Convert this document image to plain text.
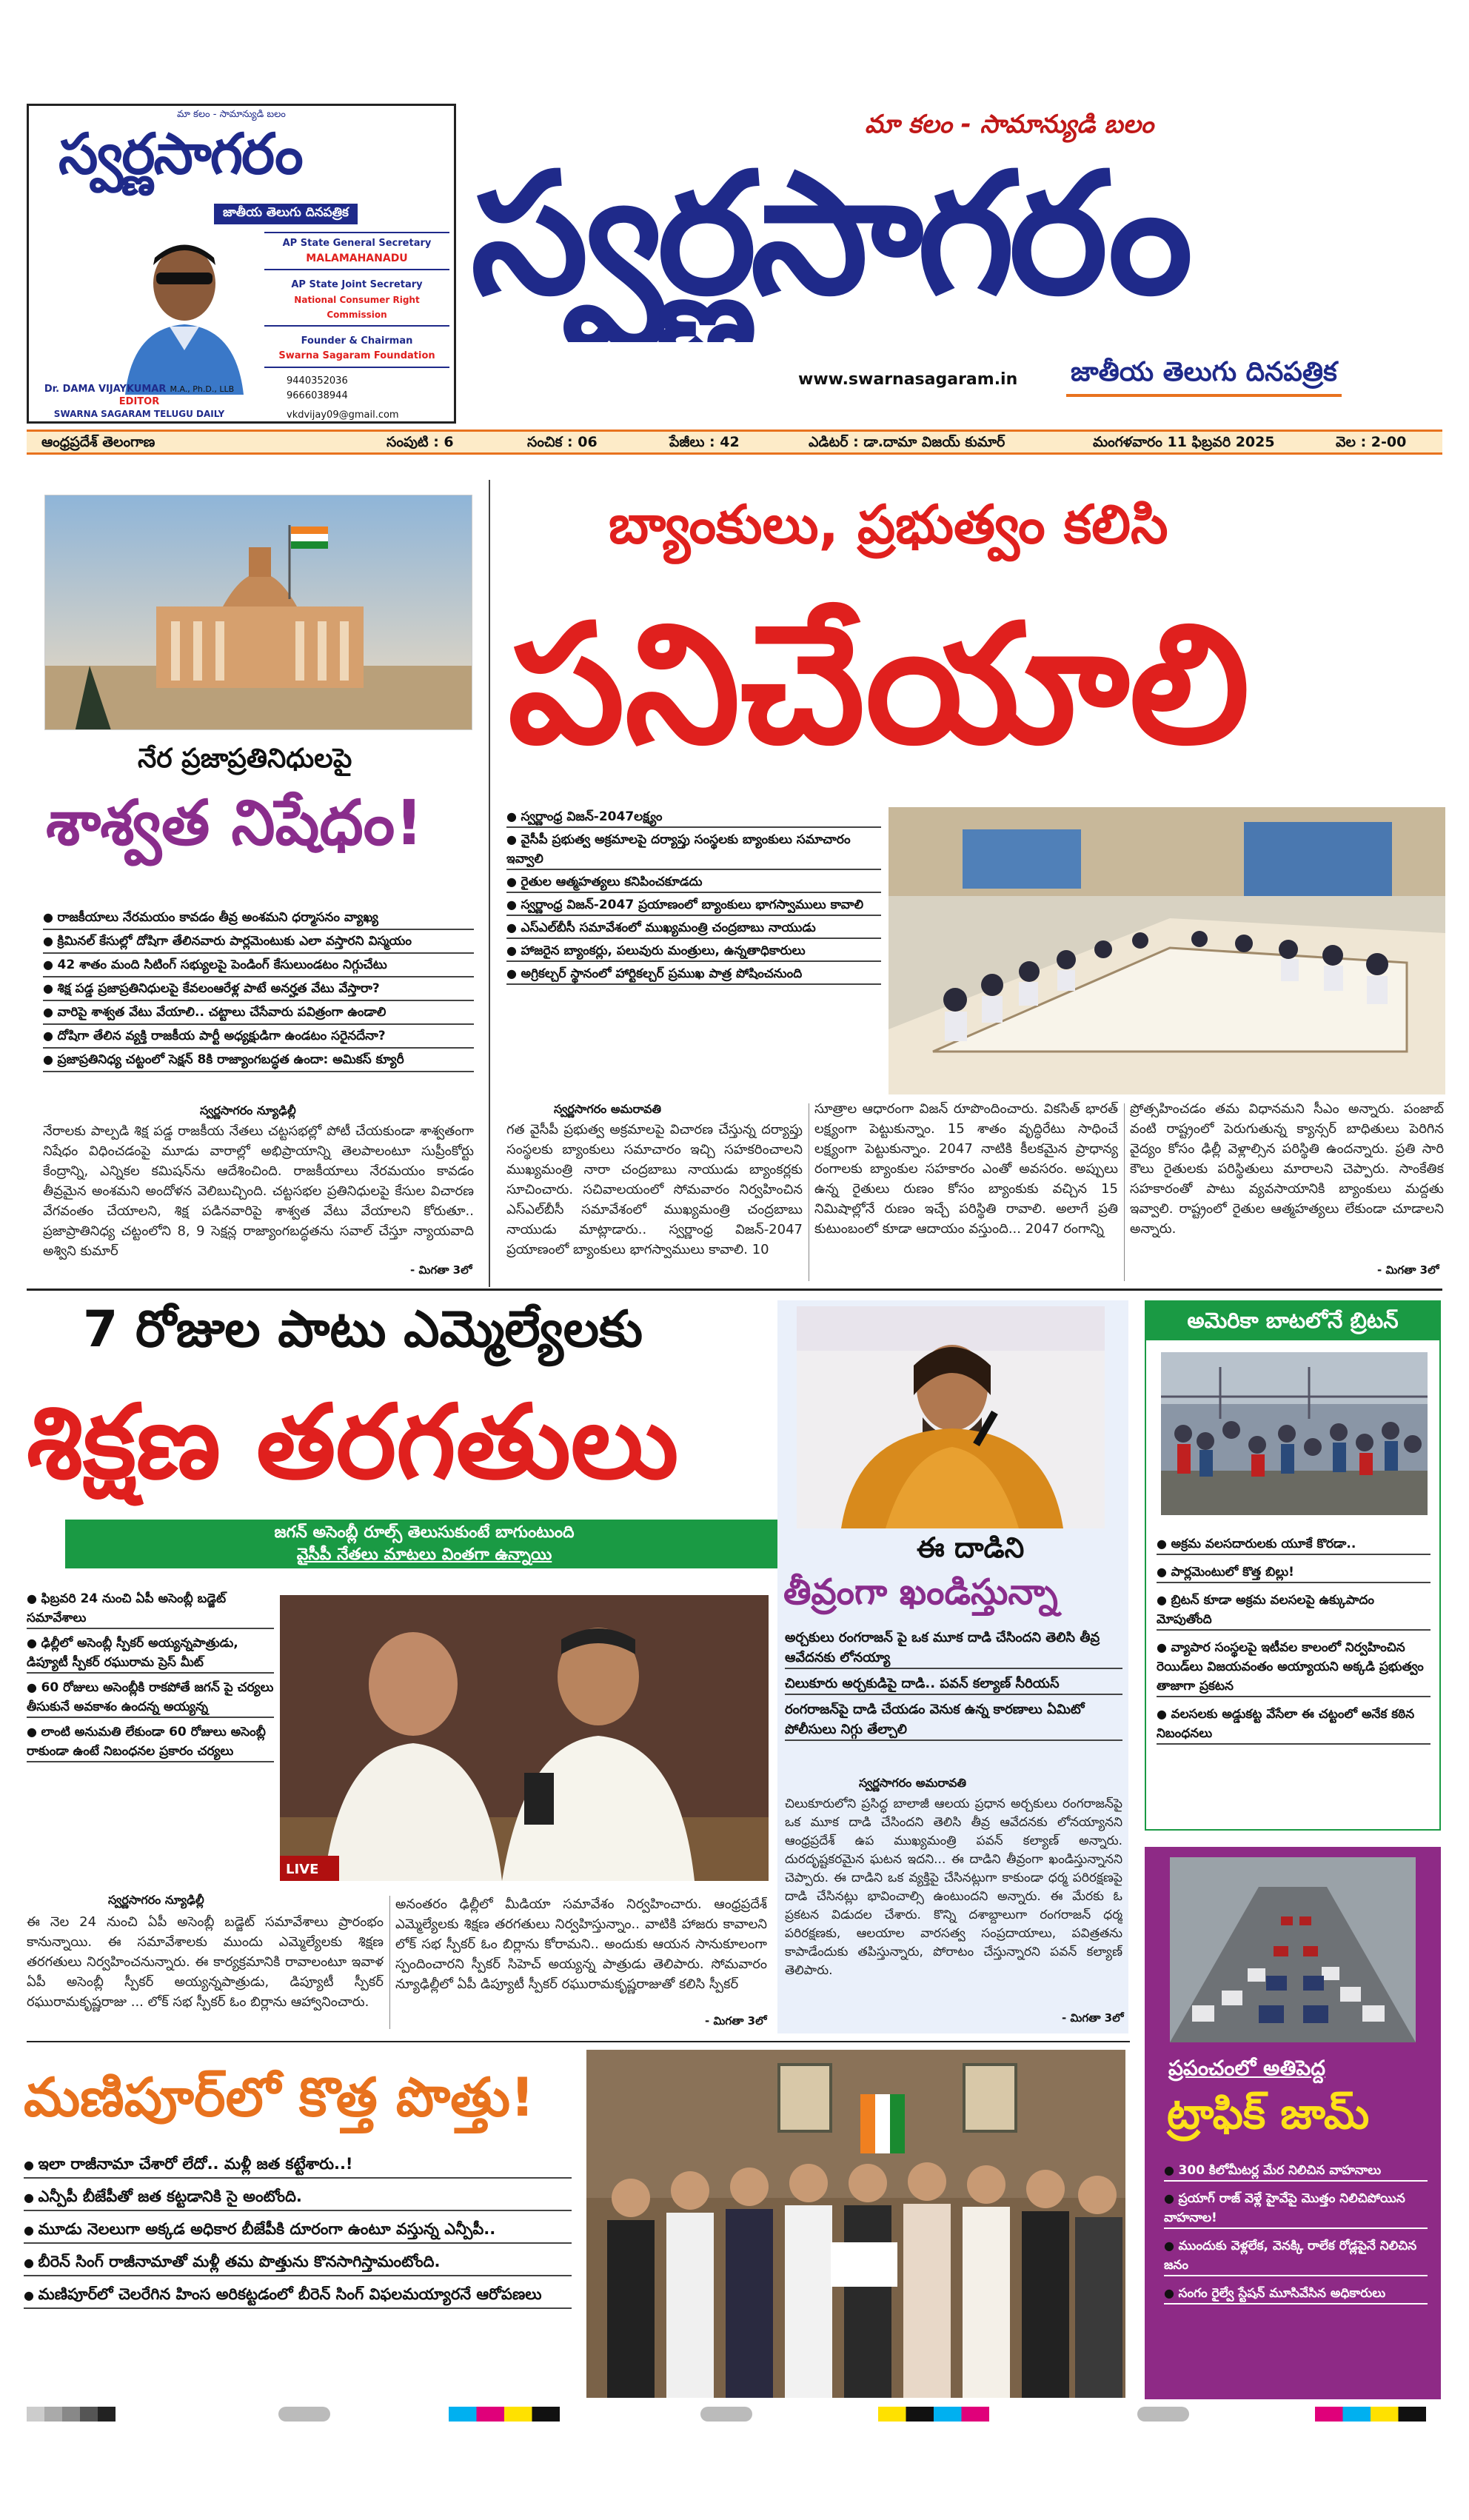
మా కలం - సామాన్యుడి బలం
స్వర్ణసాగరం
జాతీయ తెలుగు దినపత్రిక
Dr. DAMA VIJAYKUMAR M.A., Ph.D., LLB
EDITOR
SWARNA SAGARAM TELUGU DAILY
AP State General Secretary
MALAMAHANADU
AP State Joint Secretary
National Consumer Right Commission
Founder & Chairman
Swarna Sagaram Foundation
9440352036
9666038944
vkdvijay09@gmail.com
మా కలం - సామాన్యుడి బలం
స్వర్ణసాగరం
www.swarnasagaram.in జాతీయ తెలుగు దినపత్రిక
ఆంధ్రప్రదేశ్ తెలంగాణ	సంపుటి : 6	సంచిక : 06	పేజీలు : 42	ఎడిటర్ : డా.దామా విజయ్ కుమార్	మంగళవారం 11 ఫిబ్రవరి 2025	వెల : 2-00
నేర ప్రజాప్రతినిధులపై
శాశ్వత నిషేధం!
● రాజకీయాలు నేరమయం కావడం తీవ్ర అంశమని ధర్మాసనం వ్యాఖ్య
● క్రిమినల్ కేసుల్లో దోషిగా తేలినవారు పార్లమెంటుకు ఎలా వస్తారని విస్మయం
● 42 శాతం మంది సిటింగ్ సభ్యులపై పెండింగ్ కేసులుండటం నిగ్గుచేటు
● శిక్ష పడ్డ ప్రజాప్రతినిధులపై కేవలంఆరేళ్ల పాటే అనర్హత వేటు వేస్తారా?
● వారిపై శాశ్వత వేటు వేయాలి.. చట్టాలు చేసేవారు పవిత్రంగా ఉండాలి
● దోషిగా తేలిన వ్యక్తి రాజకీయ పార్టీ అధ్యక్షుడిగా ఉండటం సరైనదేనా?
● ప్రజాప్రతినిధ్య చట్టంలో సెక్షన్ 8కి రాజ్యాంగబద్ధత ఉందా: అమికస్ క్యూరీ
స్వర్ణసాగరం న్యూఢిల్లీ
నేరాలకు పాల్పడి శిక్ష పడ్డ రాజకీయ నేతలు చట్టసభల్లో పోటీ చేయకుండా శాశ్వతంగా నిషేధం విధించడంపై మూడు వారాల్లో అభిప్రాయాన్ని తెలపాలంటూ సుప్రీంకోర్టు కేంద్రాన్ని, ఎన్నికల కమిషన్‌ను ఆదేశించింది. రాజకీయాలు నేరమయం కావడం తీవ్రమైన అంశమని అందోళన వెలిబుచ్చింది. చట్టసభల ప్రతినిధులపై కేసుల విచారణ వేగవంతం చేయాలని, శిక్ష పడినవారిపై శాశ్వత వేటు వేయాలని కోరుతూ.. ప్రజాప్రాతినిధ్య చట్టంలోని 8, 9 సెక్షన్ల రాజ్యాంగబద్ధతను సవాల్ చేస్తూ న్యాయవాది అశ్విని కుమార్
- మిగతా 3లో
బ్యాంకులు, ప్రభుత్వం కలిసి
పనిచేయాలి
● స్వర్ణాంధ్ర విజన్-2047లక్ష్యం
● వైసీపీ ప్రభుత్వ అక్రమాలపై దర్యాప్తు సంస్థలకు బ్యాంకులు సమాచారం ఇవ్వాలి
● రైతుల ఆత్మహత్యలు కనిపించకూడదు
● స్వర్ణాంధ్ర విజన్-2047 ప్రయాణంలో బ్యాంకులు భాగస్వాములు కావాలి
● ఎస్‌ఎల్‌బీసీ సమావేశంలో ముఖ్యమంత్రి చంద్రబాబు నాయుడు
● హాజరైన బ్యాంకర్లు, పలువురు మంత్రులు, ఉన్నతాధికారులు
● అగ్రికల్చర్ స్థానంలో హార్టికల్చర్ ప్రముఖ పాత్ర పోషించనుంది
స్వర్ణసాగరం అమరావతి
గత వైసీపీ ప్రభుత్వ అక్రమాలపై విచారణ చేస్తున్న దర్యాప్తు సంస్థలకు బ్యాంకులు సమాచారం ఇచ్చి సహకరించాలని ముఖ్యమంత్రి నారా చంద్రబాబు నాయుడు బ్యాంకర్లకు సూచించారు. సచివాలయంలో సోమవారం నిర్వహించిన ఎస్‌ఎల్‌బీసీ సమావేశంలో ముఖ్యమంత్రి చంద్రబాబు నాయుడు మాట్లాడారు.. స్వర్ణాంధ్ర విజన్-2047 ప్రయాణంలో బ్యాంకులు భాగస్వాములు కావాలి. 10
సూత్రాల ఆధారంగా విజన్ రూపొందించారు. వికసిత్ భారత్ లక్ష్యంగా పెట్టుకున్నాం. 15 శాతం వృద్ధిరేటు సాధించే లక్ష్యంగా పెట్టుకున్నాం. 2047 నాటికి కీలకమైన ప్రాధాన్య రంగాలకు బ్యాంకుల సహకారం ఎంతో అవసరం. అప్పులు ఉన్న రైతులు రుణం కోసం బ్యాంకుకు వచ్చిన 15 నిమిషాల్లోనే రుణం ఇచ్చే పరిస్థితి రావాలి. అలాగే ప్రతి కుటుంబంలో కూడా ఆదాయం వస్తుంది... 2047 రంగాన్ని
ప్రోత్సహించడం తమ విధానమని సీఎం అన్నారు. పంజాబ్ వంటి రాష్ట్రంలో పెరుగుతున్న క్యాన్సర్ బాధితులు పెరిగిన వైద్యం కోసం ఢిల్లీ వెళ్లాల్సిన పరిస్థితి ఉందన్నారు. ప్రతి సారి కౌలు రైతులకు పరిస్థితులు మారాలని చెప్పారు. సాంకేతిక సహకారంతో పాటు వ్యవసాయానికి బ్యాంకులు మద్దతు ఇవ్వాలి. రాష్ట్రంలో రైతుల ఆత్మహత్యలు లేకుండా చూడాలని అన్నారు.
- మిగతా 3లో
7 రోజుల పాటు ఎమ్మెల్యేలకు
శిక్షణ తరగతులు
జగన్ అసెంబ్లీ రూల్స్ తెలుసుకుంటే బాగుంటుంది
వైసీపీ నేతలు మాటలు వింతగా ఉన్నాయి
● ఫిబ్రవరి 24 నుంచి ఏపీ అసెంబ్లీ బడ్జెట్ సమావేశాలు
● ఢిల్లీలో అసెంబ్లీ స్పీకర్ అయ్యన్నపాత్రుడు, డిప్యూటీ స్పీకర్ రఘురామ ప్రెస్ మీట్
● 60 రోజులు అసెంబ్లీకి రాకపోతే జగన్ పై చర్యలు తీసుకునే అవకాశం ఉందన్న అయ్యన్న
● లాంటి అనుమతి లేకుండా 60 రోజులు అసెంబ్లీ రాకుండా ఉంటే నిబంధనల ప్రకారం చర్యలు
LIVE
స్వర్ణసాగరం న్యూఢిల్లీ
ఈ నెల 24 నుంచి ఏపీ అసెంబ్లీ బడ్జెట్ సమావేశాలు ప్రారంభం కానున్నాయి. ఈ సమావేశాలకు ముందు ఎమ్మెల్యేలకు శిక్షణ తరగతులు నిర్వహించనున్నారు. ఈ కార్యక్రమానికి రావాలంటూ ఇవాళ ఏపీ అసెంబ్లీ స్పీకర్ అయ్యన్నపాత్రుడు, డిప్యూటీ స్పీకర్ రఘురామకృష్ణరాజు ... లోక్ సభ స్పీకర్ ఓం బిర్లాను ఆహ్వానించారు.
అనంతరం ఢిల్లీలో మీడియా సమావేశం నిర్వహించారు. ఆంధ్రప్రదేశ్ ఎమ్మెల్యేలకు శిక్షణ తరగతులు నిర్వహిస్తున్నాం.. వాటికి హాజరు కావాలని లోక్ సభ స్పీకర్ ఓం బిర్లాను కోరామని.. అందుకు ఆయన సానుకూలంగా స్పందించారని స్పీకర్ సిహెచ్ అయ్యన్న పాత్రుడు తెలిపారు. సోమవారం న్యూఢిల్లీలో ఏపీ డిప్యూటీ స్పీకర్ రఘురామకృష్ణరాజుతో కలిసి స్పీకర్
- మిగతా 3లో
ఈ దాడిని
తీవ్రంగా ఖండిస్తున్నా
అర్చకులు రంగరాజన్ పై ఒక మూక దాడి చేసిందని తెలిసి తీవ్ర ఆవేదనకు లోనయ్యా
చిలుకూరు అర్చకుడిపై దాడి.. పవన్ కల్యాణ్ సీరియస్
రంగరాజన్‌పై దాడి చేయడం వెనుక ఉన్న కారణాలు ఏమిటో పోలీసులు నిగ్గు తేల్చాలి
స్వర్ణసాగరం అమరావతి
చిలుకూరులోని ప్రసిద్ధ బాలాజీ ఆలయ ప్రధాన అర్చకులు రంగరాజన్‌పై ఒక మూక దాడి చేసిందని తెలిసి తీవ్ర ఆవేదనకు లోనయ్యానని ఆంధ్రప్రదేశ్ ఉప ముఖ్యమంత్రి పవన్ కల్యాణ్ అన్నారు. దురదృష్టకరమైన ఘటన ఇదని... ఈ దాడిని తీవ్రంగా ఖండిస్తున్నానని చెప్పారు. ఈ దాడిని ఒక వ్యక్తిపై చేసినట్లుగా కాకుండా ధర్మ పరిరక్షణపై దాడి చేసినట్లు భావించాల్సి ఉంటుందని అన్నారు. ఈ మేరకు ఓ ప్రకటన విడుదల చేశారు. కొన్ని దశాబ్దాలుగా రంగరాజన్ ధర్మ పరిరక్షణకు, ఆలయాల వారసత్వ సంప్రదాయాలు, పవిత్రతను కాపాడేందుకు తపిస్తున్నారు, పోరాటం చేస్తున్నారని పవన్ కల్యాణ్ తెలిపారు.
- మిగతా 3లో
అమెరికా బాటలోనే బ్రిటన్
● అక్రమ వలసదారులకు యూకే కొరడా..
● పార్లమెంటులో కొత్త బిల్లు!
● బ్రిటన్ కూడా అక్రమ వలసలపై ఉక్కుపాదం మోపుతోంది
● వ్యాపార సంస్థలపై ఇటీవల కాలంలో నిర్వహించిన రెయిడ్‌లు విజయవంతం అయ్యాయని అక్కడి ప్రభుత్వం తాజాగా ప్రకటన
● వలసలకు అడ్డుకట్ట వేసేలా ఈ చట్టంలో అనేక కఠిన నిబంధనలు
ప్రపంచంలో అతిపెద్ద
ట్రాఫిక్ జామ్
● 300 కిలోమీటర్ల మేర నిలిచిన వాహనాలు
● ప్రయాగ్ రాజ్ వెళ్లే హైవేపై మొత్తం నిలిచిపోయిన వాహనాల!
● ముందుకు వెళ్లలేక, వెనక్కి రాలేక రోడ్లపైనే నిలిచిన జనం
● సంగం రైల్వే స్టేషన్ మూసివేసిన అధికారులు
మణిపూర్‌లో కొత్త పొత్తు!
● ఇలా రాజీనామా చేశారో లేదో.. మళ్లీ జత కట్టేశారు..!
● ఎన్పీపీ బీజేపీతో జత కట్టడానికి సై అంటోంది.
● మూడు నెలలుగా అక్కడ అధికార బీజేపీకి దూరంగా ఉంటూ వస్తున్న ఎన్పీపీ..
● బీరెన్ సింగ్ రాజీనామాతో మళ్లీ తమ పొత్తును కొనసాగిస్తామంటోంది.
● మణిపూర్‌లో చెలరేగిన హింస అరికట్టడంలో బీరెన్ సింగ్ విఫలమయ్యారనే ఆరోపణలు
